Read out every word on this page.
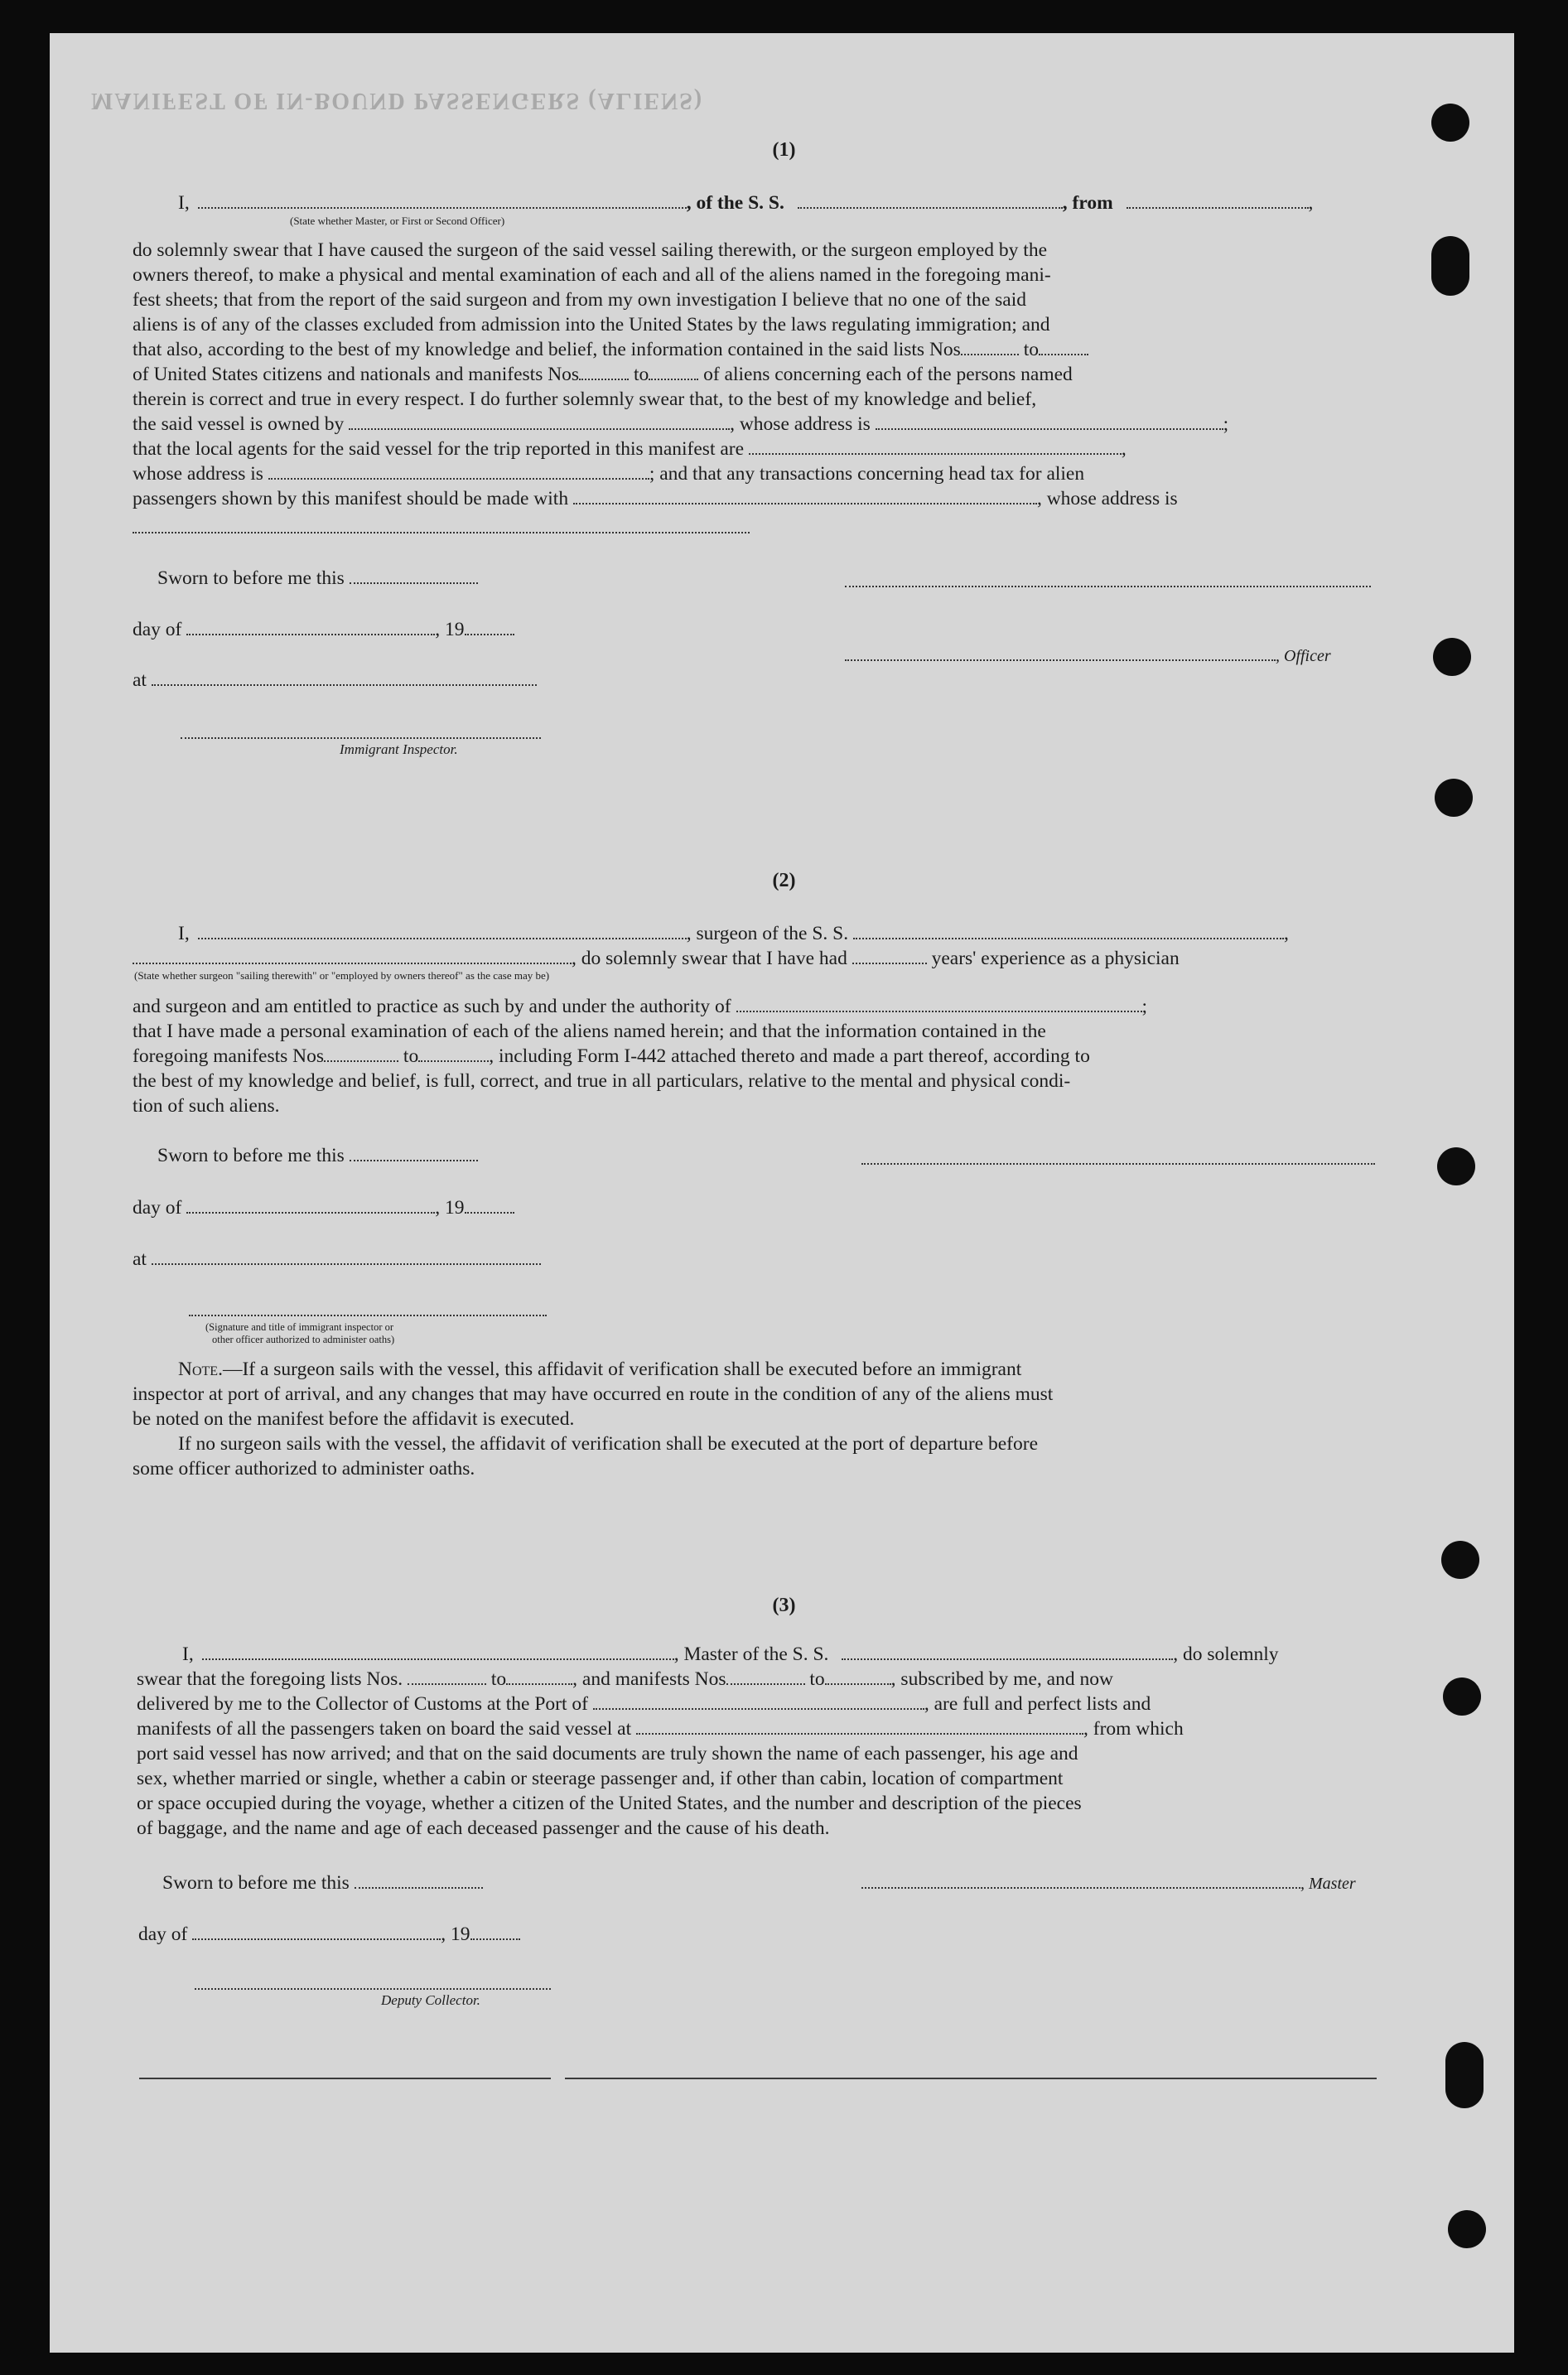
MANIFEST OF IN-BOUND PASSENGERS (ALIENS)
(1)
I,	, of the S. S.	, from	,
(State whether Master, or First or Second Officer)
do solemnly swear that I have caused the surgeon of the said vessel sailing therewith, or the surgeon employed by the
owners thereof, to make a physical and mental examination of each and all of the aliens named in the foregoing mani-
fest sheets; that from the report of the said surgeon and from my own investigation I believe that no one of the said
aliens is of any of the classes excluded from admission into the United States by the laws regulating immigration; and
that also, according to the best of my knowledge and belief, the information contained in the said lists Nos	to
of United States citizens and nationals and manifests Nos	to	of aliens concerning each of the persons named
therein is correct and true in every respect. I do further solemnly swear that, to the best of my knowledge and belief,
the said vessel is owned by	, whose address is	;
that the local agents for the said vessel for the trip reported in this manifest are	,
whose address is	; and that any transactions concerning head tax for alien
passengers shown by this manifest should be made with	, whose address is
Sworn to before me this
day of	, 19
, Officer
at
Immigrant Inspector.
(2)
I,	, surgeon of the S. S.	,
, do solemnly swear that I have had	years' experience as a physician
(State whether surgeon "sailing therewith" or "employed by owners thereof" as the case may be)
and surgeon and am entitled to practice as such by and under the authority of	;
that I have made a personal examination of each of the aliens named herein; and that the information contained in the
foregoing manifests Nos	to	, including Form I-442 attached thereto and made a part thereof, according to
the best of my knowledge and belief, is full, correct, and true in all particulars, relative to the mental and physical condi-
tion of such aliens.
Sworn to before me this
day of	, 19
at
(Signature and title of immigrant inspector or
other officer authorized to administer oaths)
Note.—If a surgeon sails with the vessel, this affidavit of verification shall be executed before an immigrant
inspector at port of arrival, and any changes that may have occurred en route in the condition of any of the aliens must
be noted on the manifest before the affidavit is executed.
If no surgeon sails with the vessel, the affidavit of verification shall be executed at the port of departure before
some officer authorized to administer oaths.
(3)
I,	, Master of the S. S.	, do solemnly
swear that the foregoing lists Nos.	to	, and manifests Nos	to	, subscribed by me, and now
delivered by me to the Collector of Customs at the Port of	, are full and perfect lists and
manifests of all the passengers taken on board the said vessel at	, from which
port said vessel has now arrived; and that on the said documents are truly shown the name of each passenger, his age and
sex, whether married or single, whether a cabin or steerage passenger and, if other than cabin, location of compartment
or space occupied during the voyage, whether a citizen of the United States, and the number and description of the pieces
of baggage, and the name and age of each deceased passenger and the cause of his death.
Sworn to before me this	, Master
day of	, 19
Deputy Collector.
